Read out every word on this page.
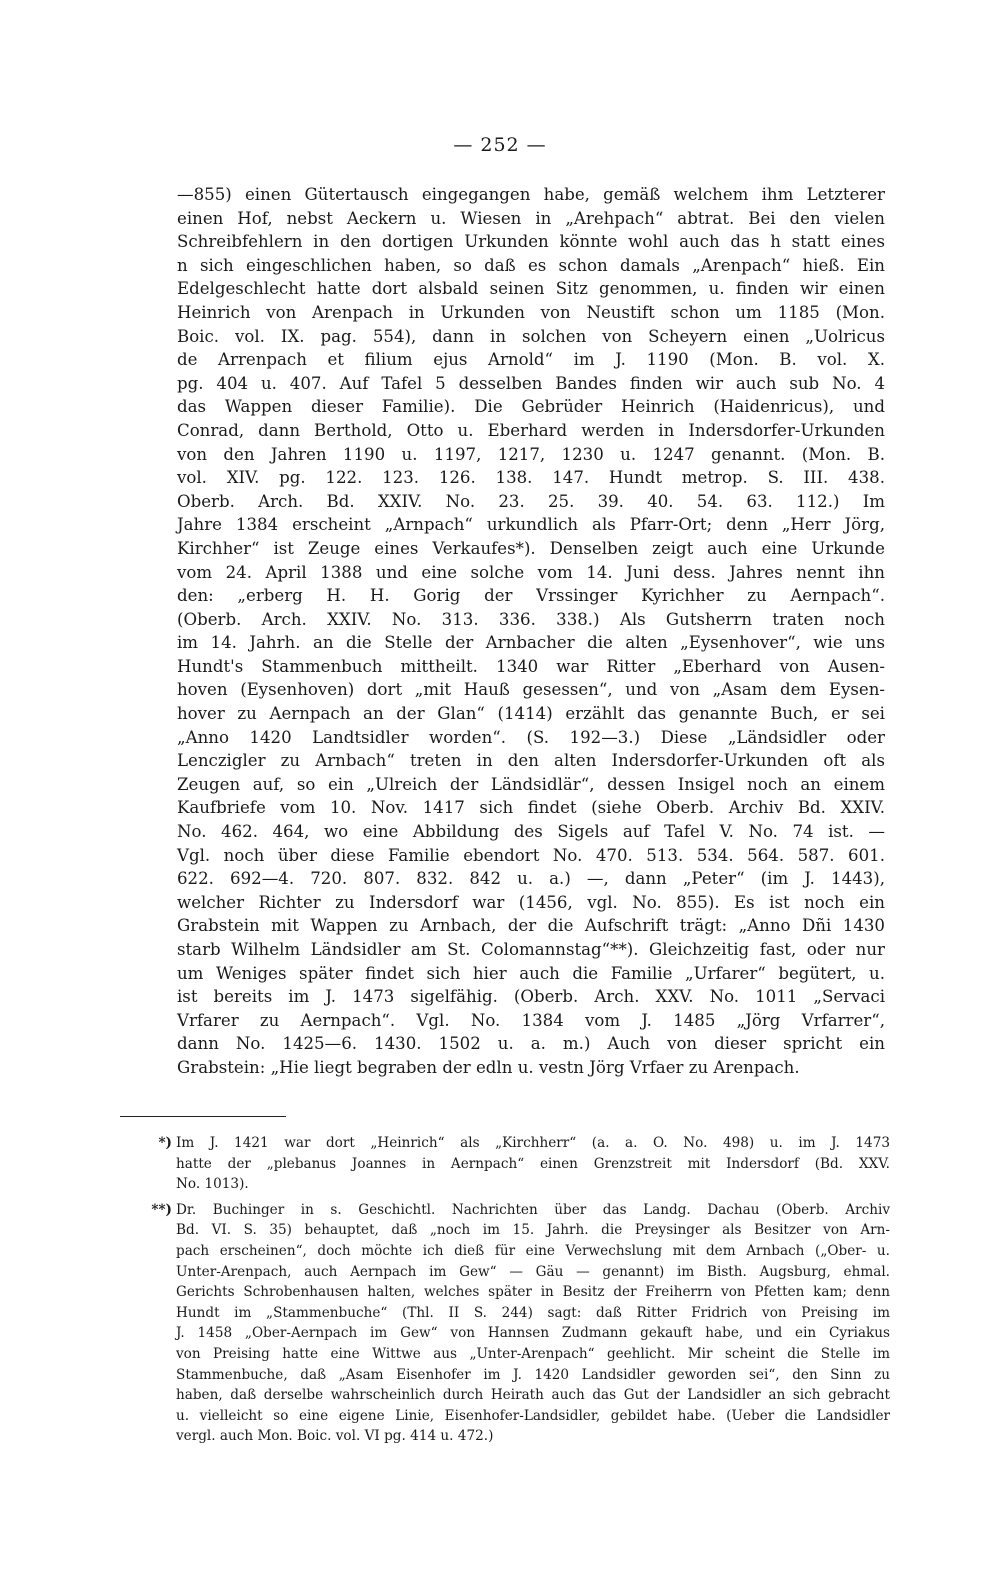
— 252 —
—855) einen Gütertausch eingegangen habe, gemäß welchem ihm Letzterer
einen Hof, nebst Aeckern u. Wiesen in „Arehpach“ abtrat. Bei den vielen
Schreibfehlern in den dortigen Urkunden könnte wohl auch das h statt eines
n sich eingeschlichen haben, so daß es schon damals „Arenpach“ hieß. Ein
Edelgeschlecht hatte dort alsbald seinen Sitz genommen, u. finden wir einen
Heinrich von Arenpach in Urkunden von Neustift schon um 1185 (Mon.
Boic. vol. IX. pag. 554), dann in solchen von Scheyern einen „Uolricus
de Arrenpach et filium ejus Arnold“ im J. 1190 (Mon. B. vol. X.
pg. 404 u. 407. Auf Tafel 5 desselben Bandes finden wir auch sub No. 4
das Wappen dieser Familie). Die Gebrüder Heinrich (Haidenricus), und
Conrad, dann Berthold, Otto u. Eberhard werden in Indersdorfer-Urkunden
von den Jahren 1190 u. 1197, 1217, 1230 u. 1247 genannt. (Mon. B.
vol. XIV. pg. 122. 123. 126. 138. 147. Hundt metrop. S. III. 438.
Oberb. Arch. Bd. XXIV. No. 23. 25. 39. 40. 54. 63. 112.) Im
Jahre 1384 erscheint „Arnpach“ urkundlich als Pfarr-Ort; denn „Herr Jörg,
Kirchher“ ist Zeuge eines Verkaufes*). Denselben zeigt auch eine Urkunde
vom 24. April 1388 und eine solche vom 14. Juni dess. Jahres nennt ihn
den: „erberg H. H. Gorig der Vrssinger Kyrichher zu Aernpach“.
(Oberb. Arch. XXIV. No. 313. 336. 338.) Als Gutsherrn traten noch
im 14. Jahrh. an die Stelle der Arnbacher die alten „Eysenhover“, wie uns
Hundt's Stammenbuch mittheilt. 1340 war Ritter „Eberhard von Ausen-
hoven (Eysenhoven) dort „mit Hauß gesessen“, und von „Asam dem Eysen-
hover zu Aernpach an der Glan“ (1414) erzählt das genannte Buch, er sei
„Anno 1420 Landtsidler worden“. (S. 192—3.) Diese „Ländsidler oder
Lenczigler zu Arnbach“ treten in den alten Indersdorfer-Urkunden oft als
Zeugen auf, so ein „Ulreich der Ländsidlär“, dessen Insigel noch an einem
Kaufbriefe vom 10. Nov. 1417 sich findet (siehe Oberb. Archiv Bd. XXIV.
No. 462. 464, wo eine Abbildung des Sigels auf Tafel V. No. 74 ist. —
Vgl. noch über diese Familie ebendort No. 470. 513. 534. 564. 587. 601.
622. 692—4. 720. 807. 832. 842 u. a.) —, dann „Peter“ (im J. 1443),
welcher Richter zu Indersdorf war (1456, vgl. No. 855). Es ist noch ein
Grabstein mit Wappen zu Arnbach, der die Aufschrift trägt: „Anno Dñi 1430
starb Wilhelm Ländsidler am St. Colomannstag“**). Gleichzeitig fast, oder nur
um Weniges später findet sich hier auch die Familie „Urfarer“ begütert, u.
ist bereits im J. 1473 sigelfähig. (Oberb. Arch. XXV. No. 1011 „Servaci
Vrfarer zu Aernpach“. Vgl. No. 1384 vom J. 1485 „Jörg Vrfarrer“,
dann No. 1425—6. 1430. 1502 u. a. m.) Auch von dieser spricht ein
Grabstein: „Hie liegt begraben der edln u. vestn Jörg Vrfaer zu Arenpach.
*) Im J. 1421 war dort „Heinrich“ als „Kirchherr“ (a. a. O. No. 498) u. im J. 1473
hatte der „plebanus Joannes in Aernpach“ einen Grenzstreit mit Indersdorf (Bd. XXV.
No. 1013).
**) Dr. Buchinger in s. Geschichtl. Nachrichten über das Landg. Dachau (Oberb. Archiv
Bd. VI. S. 35) behauptet, daß „noch im 15. Jahrh. die Preysinger als Besitzer von Arn-
pach erscheinen“, doch möchte ich dieß für eine Verwechslung mit dem Arnbach („Ober- u.
Unter-Arenpach, auch Aernpach im Gew“ — Gäu — genannt) im Bisth. Augsburg, ehmal.
Gerichts Schrobenhausen halten, welches später in Besitz der Freiherrn von Pfetten kam; denn
Hundt im „Stammenbuche“ (Thl. II S. 244) sagt: daß Ritter Fridrich von Preising im
J. 1458 „Ober-Aernpach im Gew“ von Hannsen Zudmann gekauft habe, und ein Cyriakus
von Preising hatte eine Wittwe aus „Unter-Arenpach“ geehlicht. Mir scheint die Stelle im
Stammenbuche, daß „Asam Eisenhofer im J. 1420 Landsidler geworden sei“, den Sinn zu
haben, daß derselbe wahrscheinlich durch Heirath auch das Gut der Landsidler an sich gebracht
u. vielleicht so eine eigene Linie, Eisenhofer-Landsidler, gebildet habe. (Ueber die Landsidler
vergl. auch Mon. Boic. vol. VI pg. 414 u. 472.)
